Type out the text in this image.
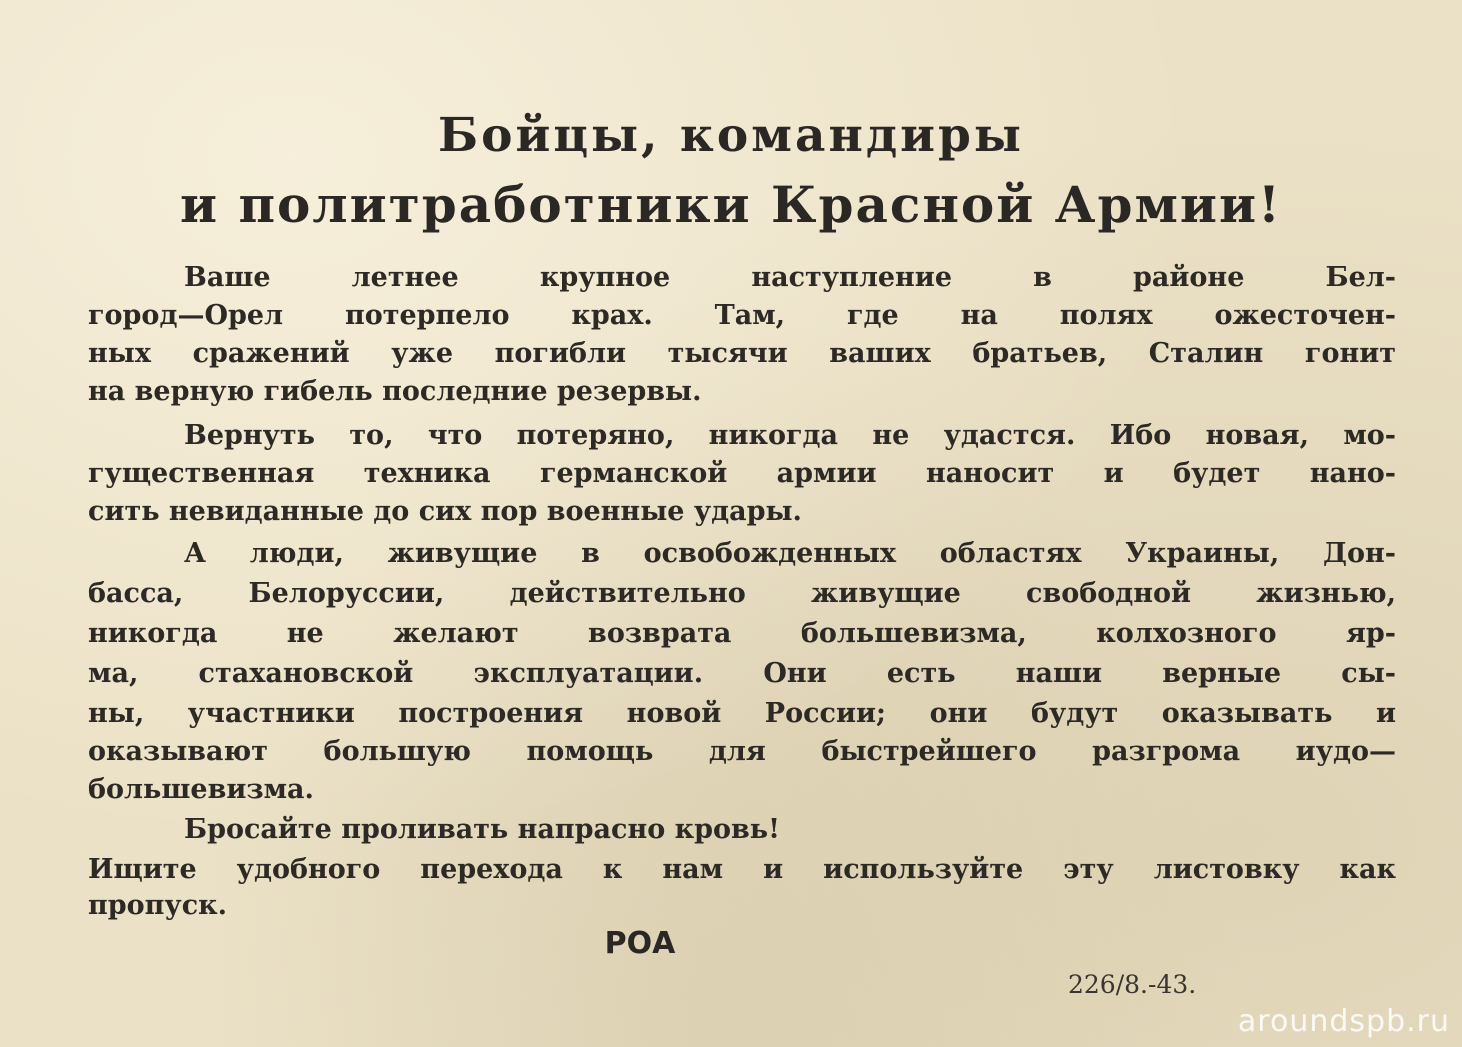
Бойцы, командиры
и политработники Красной Армии!
Ваше летнее крупное наступление в районе Бел-
город—Орел потерпело крах. Там, где на полях ожесточен-
ных сражений уже погибли тысячи ваших братьев, Сталин гонит
на верную гибель последние резервы.
Вернуть то, что потеряно, никогда не удастся. Ибо новая, мо-
гущественная техника германской армии наносит и будет нано-
сить невиданные до сих пор военные удары.
А люди, живущие в освобожденных областях Украины, Дон-
басса, Белоруссии, действительно живущие свободной жизнью,
никогда не желают возврата большевизма, колхозного яр-
ма, стахановской эксплуатации. Они есть наши верные сы-
ны, участники построения новой России; они будут оказывать и
оказывают большую помощь для быстрейшего разгрома иудо—
большевизма.
Бросайте проливать напрасно кровь!
Ищите удобного перехода к нам и используйте эту листовку как
пропуск.
РОА
226/8.-43.
aroundspb.ru
